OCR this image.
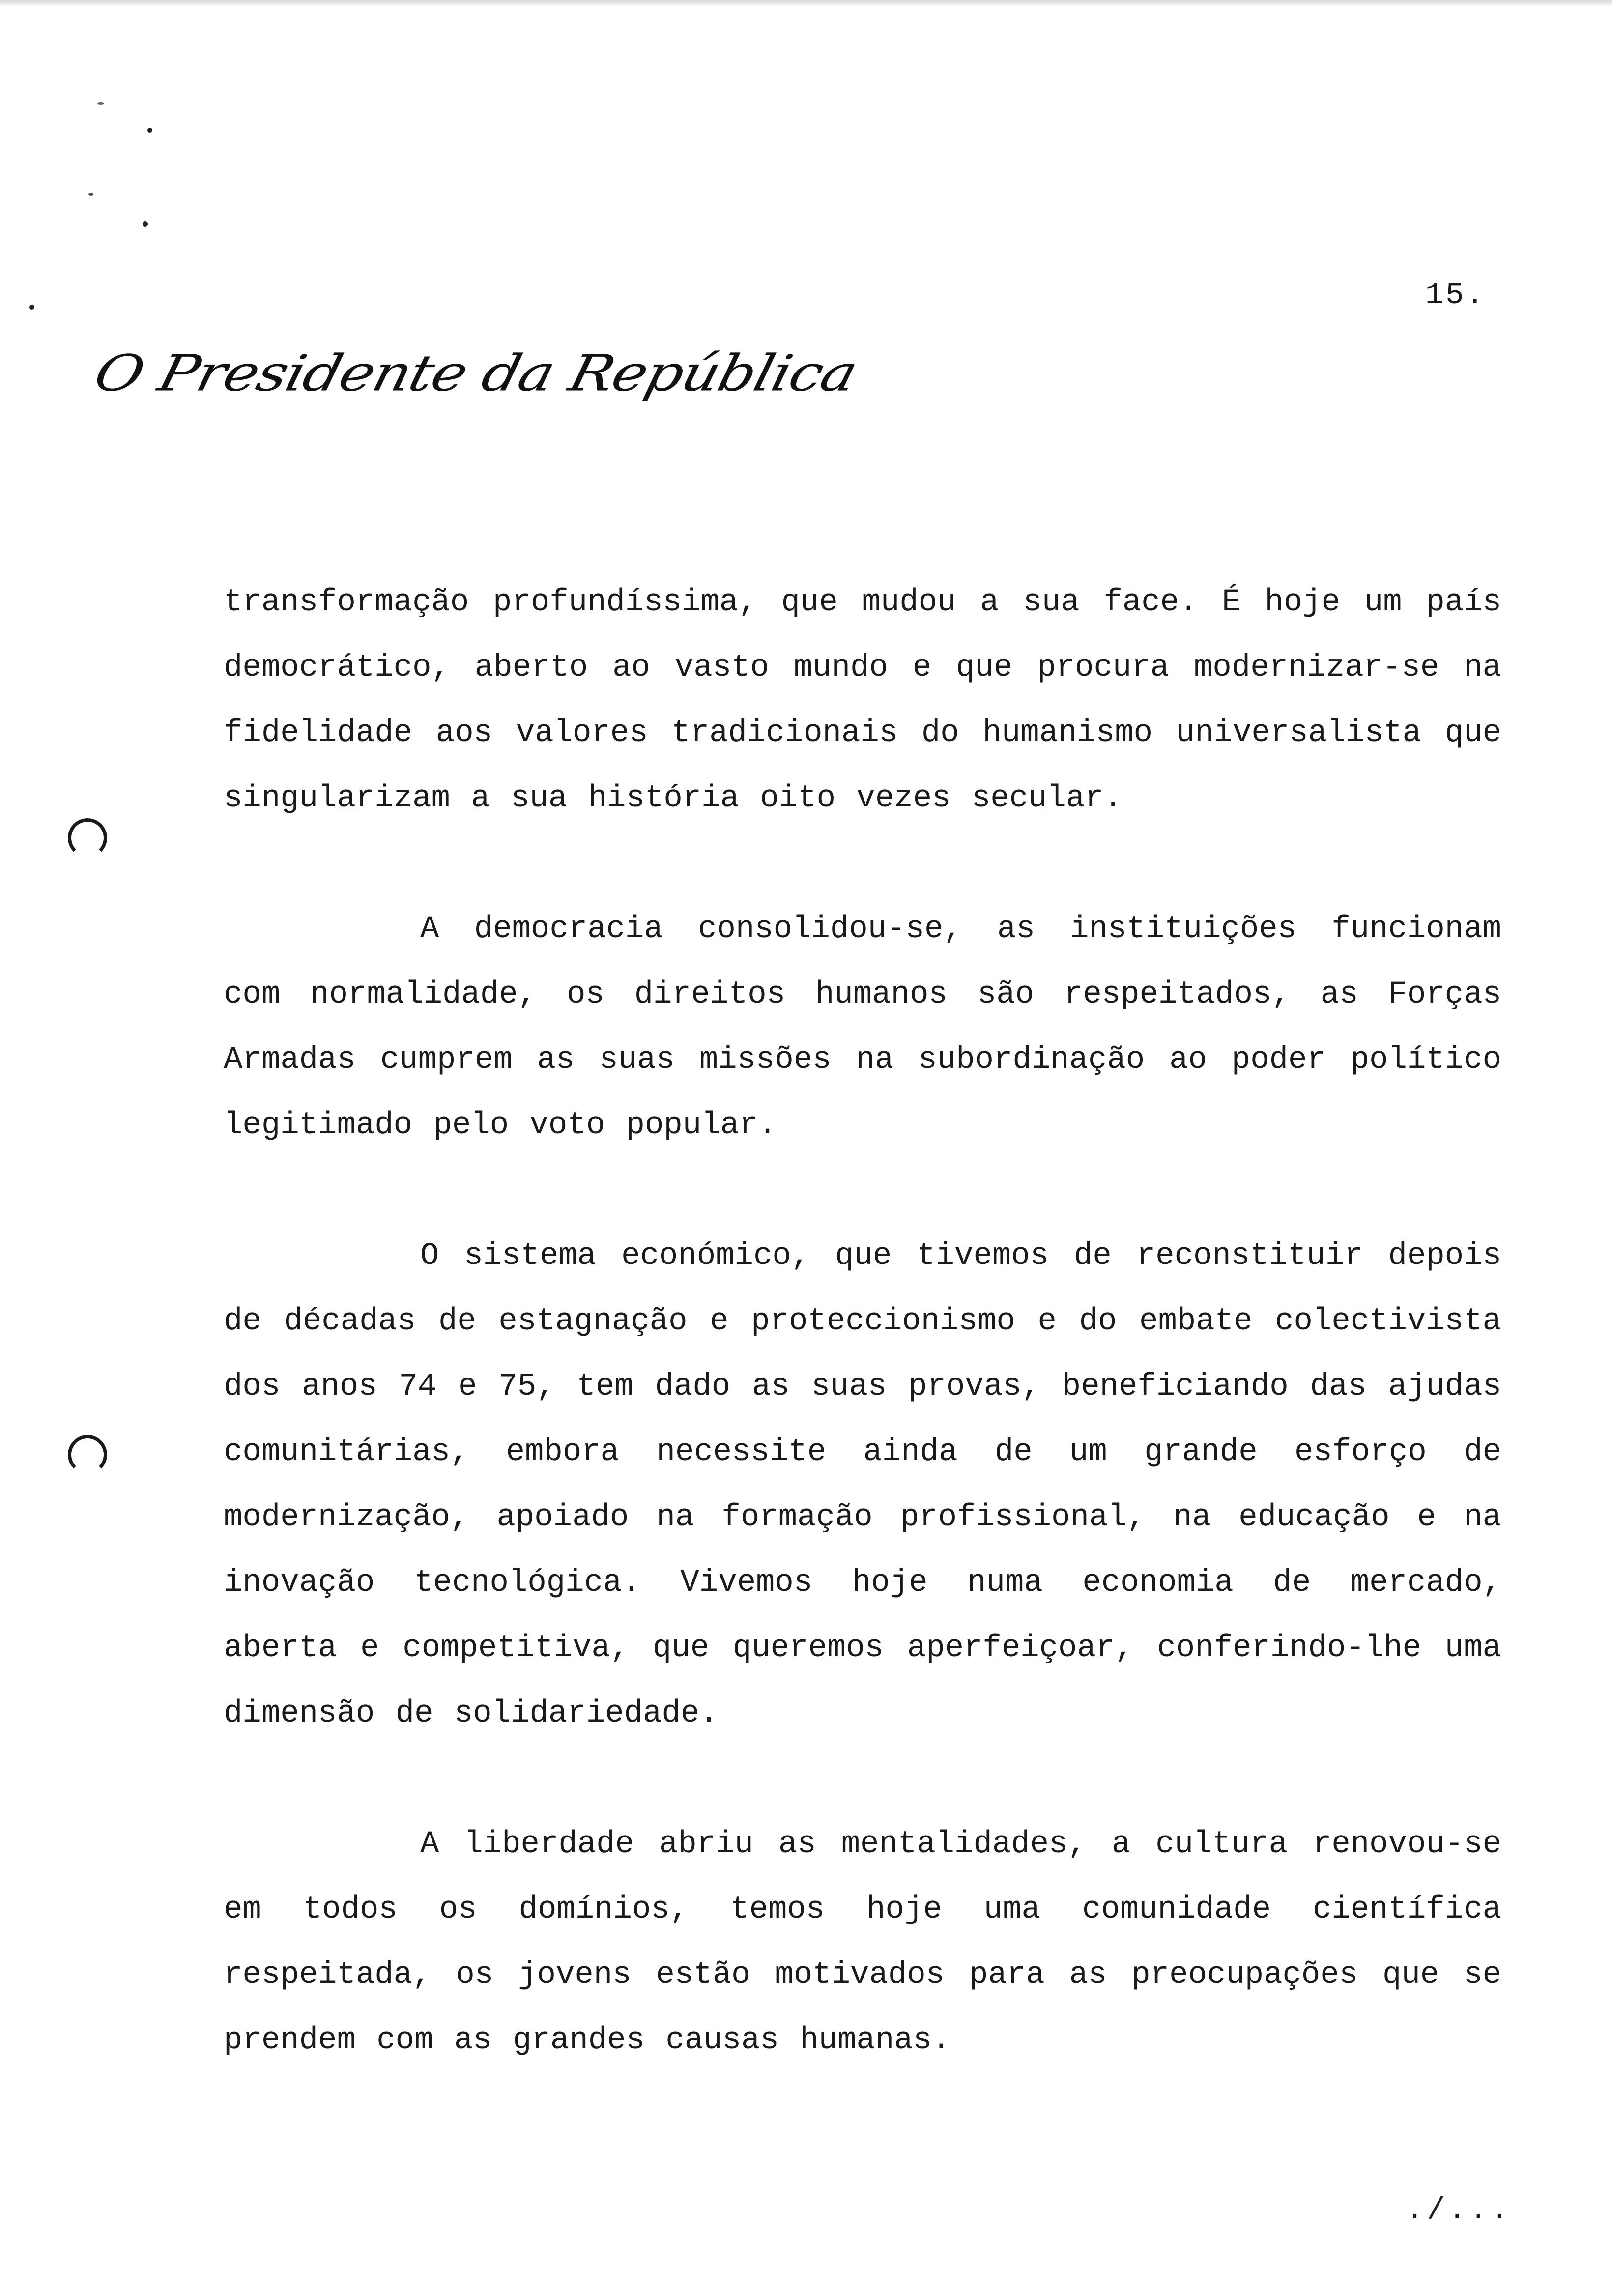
15.
O Presidente da República

transformação profundíssima, que mudou a sua face. É hoje um país democrático, aberto ao vasto mundo e que procura modernizar-se na fidelidade aos valores tradicionais do humanismo universalista que singularizam a sua história oito vezes secular.

A democracia consolidou-se, as instituições funcionam com normalidade, os direitos humanos são respeitados, as Forças Armadas cumprem as suas missões na subordinação ao poder político legitimado pelo voto popular.

O sistema económico, que tivemos de reconstituir depois de décadas de estagnação e proteccionismo e do embate colectivista dos anos 74 e 75, tem dado as suas provas, beneficiando das ajudas comunitárias, embora necessite ainda de um grande esforço de modernização, apoiado na formação profissional, na educação e na inovação tecnológica. Vivemos hoje numa economia de mercado, aberta e competitiva, que queremos aperfeiçoar, conferindo-lhe uma dimensão de solidariedade.

A liberdade abriu as mentalidades, a cultura renovou-se em todos os domínios, temos hoje uma comunidade científica respeitada, os jovens estão motivados para as preocupações que se prendem com as grandes causas humanas.

./...
